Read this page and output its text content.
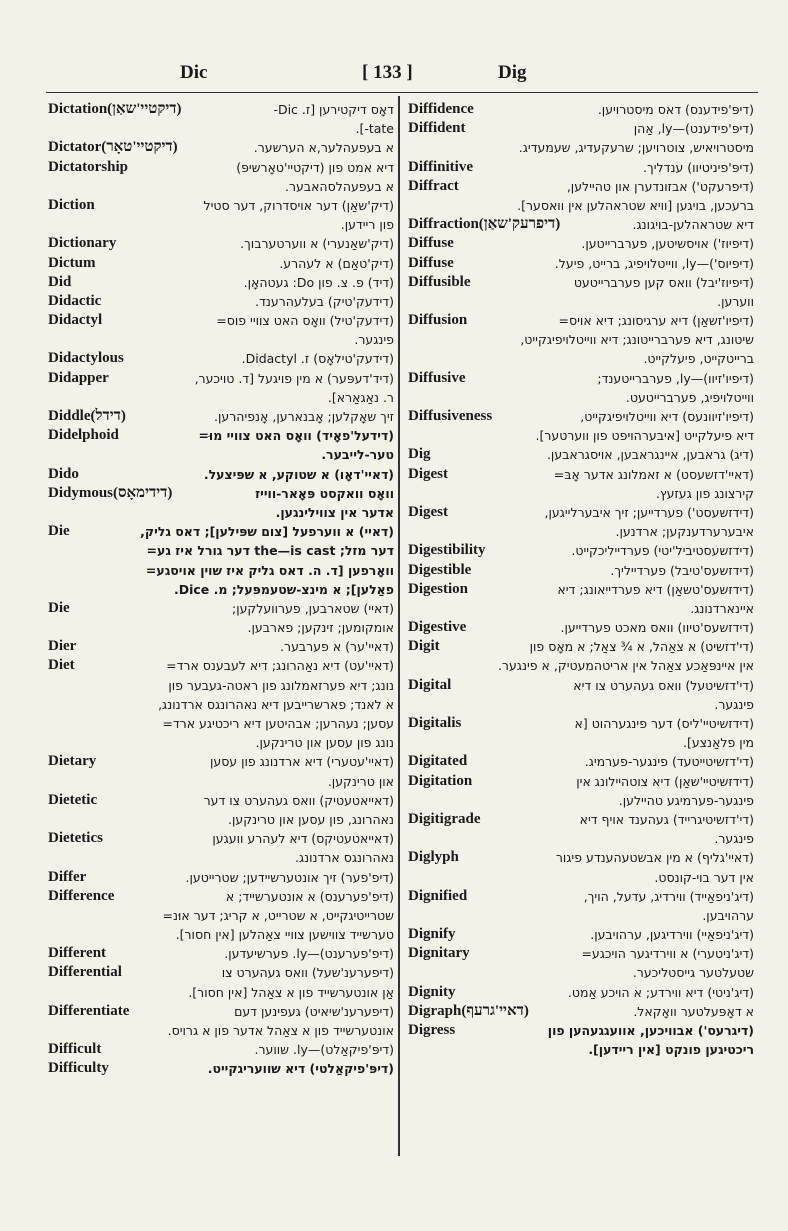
Dic	[ 133 ]	Dig
דאָס דיקטירען [ז. ‎-Dic
Dictation(דיקטיי'שאַן)
.[‎-tate
א בעפעהלער,א הערשער.
Dictator(דיקטיי'טאָר)
דיא אמט פון (דיקטיי'טאָרשיפּ)
Dictatorship
א בעפעהלסהאבער.
(דיק'שאַן) דער אויסדרוק, דער סטיל
Diction
פון ריידען.
(דיק'שאַנערי) א ווערטערבוך.
Dictionary
(דיק'טאַם) א לעהרע.
Dictum
(דיד) פ. צ. פון Do: געטהאָן.
Did
(דידעק'טיק) בעלעהרענד.
Didactic
(דידעק'טיל) וואָס האט צוויי פוס=
Didactyl
פינגער.
(דידעק'טילאָס) ז. Didactyl.
Didactylous
(דיד'דעפּער) א מין פויגעל [ד. טויכער,
Didapper
ר. נאַגאַרא].
זיך שאָקלען; אָבנארען, אָנפיהרען.
Diddle(דידל)
(דידעל'פאָיד) וואָס האט צוויי מוּ=
Didelphoid
טער-לייבער.
(דאיי'דאָו) א שטוקע, א שפּיצעל.
Dido
וואָס וואקסט פּאָאר-ווייז
Didymous(דידימאָס)
אדער אין צווילינגען.
(דאיי) א ווערפעל [צום שפּילען]; דאס גליק,
Die
דער מזל; the—is cast דער גורל איז גע=
וואָרפען [ד. ה. דאס גליק איז שוין אויסגע=
פאַלען]; א מינצ-שטעמפּעל; מ. Dice.
(דאיי) שטארבען, פערוועלקען;
Die
אומקומען; זינקען; פארבען.
(דאיי'ער) א פערבער.
Dier
(דאיי'עט) דיא נאַהרונג; דיא לעבענס ארד=
Diet
נונג; דיא פערזאמלונג פון ראטה-געבער פון
א לאנד; פארשרייבען דיא נאהרונגס ארדנונג,
עסען; נעהרען; אבהיטען דיא ריכטיגע ארד=
נונג פון עסען און טרינקען.
(דאיי'עטערי) דיא ארדנונג פון עסען
Dietary
און טרינקען.
(דאייאטעטיק) וואס געהערט צו דער
Dietetic
נאהרונג, פון עסען און טרינקען.
(דאייאטעטיקס) דיא לעהרע וועגען
Dietetics
נאהרונגס ארדנונג.
(דיפ'פער) זיך אונטערשיידען; שטרייטען.
Differ
(דיפ'פערענס) א אונטערשייד; א
Difference
שטרייטיגקייט, א שטרייט, א קריג; דער אוּנ=
טערשייד צווישען צוויי צאַהלען [אין חסור].
(דיפ'פערענט)—ly. פערשיעדען.
Different
(דיפערענ'שעל) וואס געהערט צו
Differential
אַן אונטערשייד פון א צאַהל [אין חסור].
(דיפערענ'שיאיט) געפינען דעם
Differentiate
אונטערשייד פון א צאַהל אדער פון א גרויס.
(דיפּ'פיקאַלט)—ly. שווער.
Difficult
(דיפּ'פיקאַלטי) דיא שוועריגקייט.
Difficulty
(דיפּ'פידענס) דאס מיסטרויען.
Diffidence
(דיפּ'פידענט)—ly, אַהן
Diffident
מיסטרויאיש, צוטרויען; שרעקעדיג, שעמעדיג.
(דיפּ'פיניטיוו) ענדליך.
Diffinitive
(דיפרעקט') אבזונדערן און טהיילען,
Diffract
ברעכען, בויגען [וויא שטראהלען אין וואסער].
דיא שטראהלען-בויגונג.
Diffraction(דיפרעק'שאַן)
(דיפיוז') אויסשיטען, פערברייטען.
Diffuse
(דיפיוס')—ly, ווייטלויפיג, ברייט, פיעל.
Diffuse
(דיפיוז'יבל) וואס קען פערברייטעט
Diffusible
ווערען.
(דיפיו'זשאַן) דיא ערגיסונג; דיא אויס=
Diffusion
שיטונג, דיא פערברייטונג; דיא ווייטלויפיגקייט,
ברייטקייט, פיעלקייט.
(דיפיו'זיוו)—ly, פערברייטענד;
Diffusive
ווייטלויפיג, פערברייטעט.
(דיפיו'זיוונעס) דיא ווייטלויפיגקייט,
Diffusiveness
דיא פיעלקייט [איבערהויפט פון ווערטער].
(דיג) גראבען, איינגראבען, אויסגראבען.
Dig
(דאיי'דזשעסט) א זאמלונג אדער אָבּ=
Digest
קירצונג פון געזעץ.
(דידזשעסט') פערדייען; זיך איבערלייגען,
Digest
איבערערדענקען; ארדנען.
(דידזשעסטיביל'יטי) פערדייליכקייט.
Digestibility
(דידזשעס'טיבל) פערדייליך.
Digestible
(דידזשעס'טשאַן) דיא פערדייאונג; דיא
Digestion
איינארדנונג.
(דידזשעס'טיוו) וואס מאכט פערדייען.
Digestive
(די'דזשיט) א צאַהל, א ¾ צאַל; א מאָס פון
Digit
אין איינפּאַכע צאַהל אין אריטהמעטיק, א פינגער.
(די'דזשיטעל) וואס געהערט צו דיא
Digital
פינגער.
(דידזשיטיי'ליס) דער פינגערהוט [א
Digitalis
מין פלאַנצע].
(די'דזשיטייטעד) פינגער-פערמיג.
Digitated
(דידזשיטיי'שאַן) דיא צוטהיילונג אין
Digitation
פינגער-פערמיגע טהיילען.
(די'דזשיטיגרייד) געהענד אויף דיא
Digitigrade
פינגער.
(דאיי'גליף) א מין אבשטעהענדע פיגור
Diglyph
אין דער בוי-קונסט.
(דיג'ניפאַייד) ווירדיג, עדעל, הויך,
Dignified
ערהויבען.
(דיג'ניפאַיי) ווירדיגען, ערהויבען.
Dignify
(דיג'ניטערי) א ווירדיגער הויכגע=
Dignitary
שטעלטער גייסטליכער.
(דיג'ניטי) דיא ווירדע; א הויכע אַמט.
Dignity
א דאָפּעלטער וואָקאל.
Digraph(דאיי'גרעף)
(דיגרעס') אבוויכען, אוועגגעהען פון
Digress
ריכטיגען פונקט [אין ריידען].
